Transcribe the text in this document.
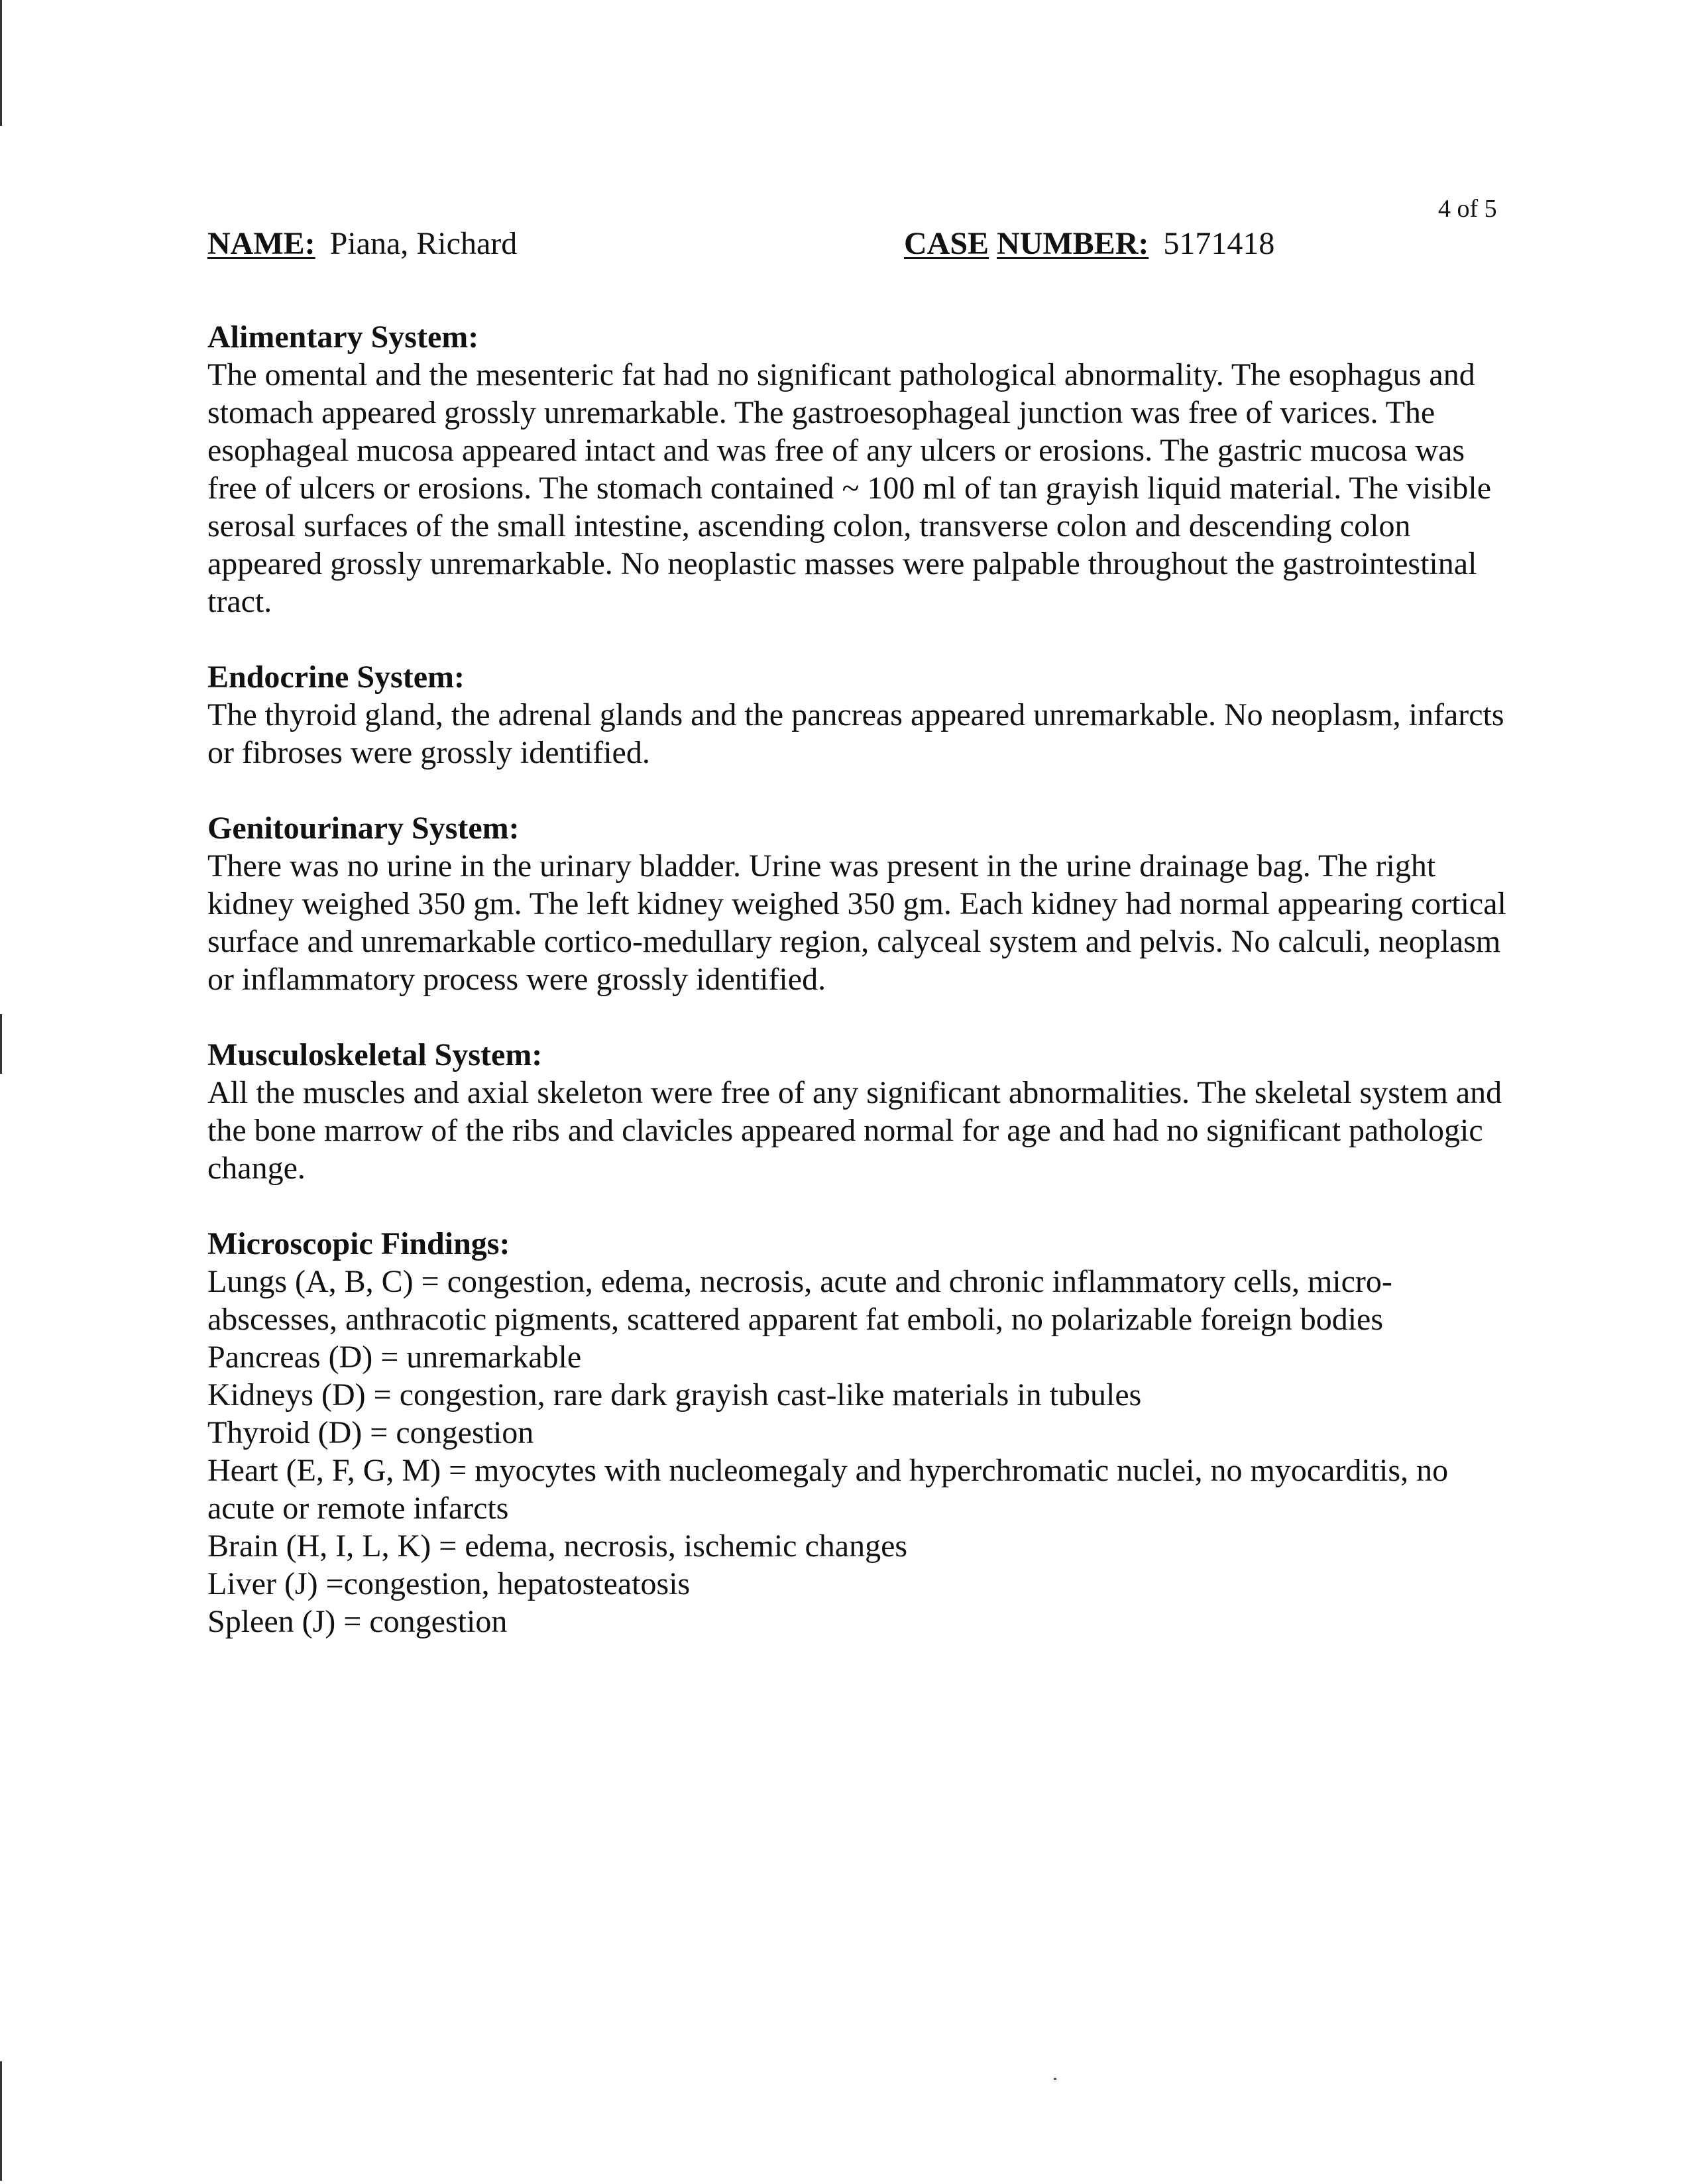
4 of 5
NAME: Piana, Richard	CASE NUMBER: 5171418

Alimentary System:

The omental and the mesenteric fat had no significant pathological abnormality. The esophagus and stomach appeared grossly unremarkable. The gastroesophageal junction was free of varices. The esophageal mucosa appeared intact and was free of any ulcers or erosions. The gastric mucosa was free of ulcers or erosions. The stomach contained ~ 100 ml of tan grayish liquid material. The visible serosal surfaces of the small intestine, ascending colon, transverse colon and descending colon appeared grossly unremarkable. No neoplastic masses were palpable throughout the gastrointestinal tract.

Endocrine System:

The thyroid gland, the adrenal glands and the pancreas appeared unremarkable. No neoplasm, infarcts or fibroses were grossly identified.

Genitourinary System:

There was no urine in the urinary bladder. Urine was present in the urine drainage bag. The right kidney weighed 350 gm. The left kidney weighed 350 gm. Each kidney had normal appearing cortical surface and unremarkable cortico-medullary region, calyceal system and pelvis. No calculi, neoplasm or inflammatory process were grossly identified.

Musculoskeletal System:

All the muscles and axial skeleton were free of any significant abnormalities. The skeletal system and the bone marrow of the ribs and clavicles appeared normal for age and had no significant pathologic change.

Microscopic Findings:

Lungs (A, B, C) = congestion, edema, necrosis, acute and chronic inflammatory cells, micro-abscesses, anthracotic pigments, scattered apparent fat emboli, no polarizable foreign bodies
Pancreas (D) = unremarkable
Kidneys (D) = congestion, rare dark grayish cast-like materials in tubules
Thyroid (D) = congestion
Heart (E, F, G, M) = myocytes with nucleomegaly and hyperchromatic nuclei, no myocarditis, no acute or remote infarcts
Brain (H, I, L, K) = edema, necrosis, ischemic changes
Liver (J) =congestion, hepatosteatosis
Spleen (J) = congestion
